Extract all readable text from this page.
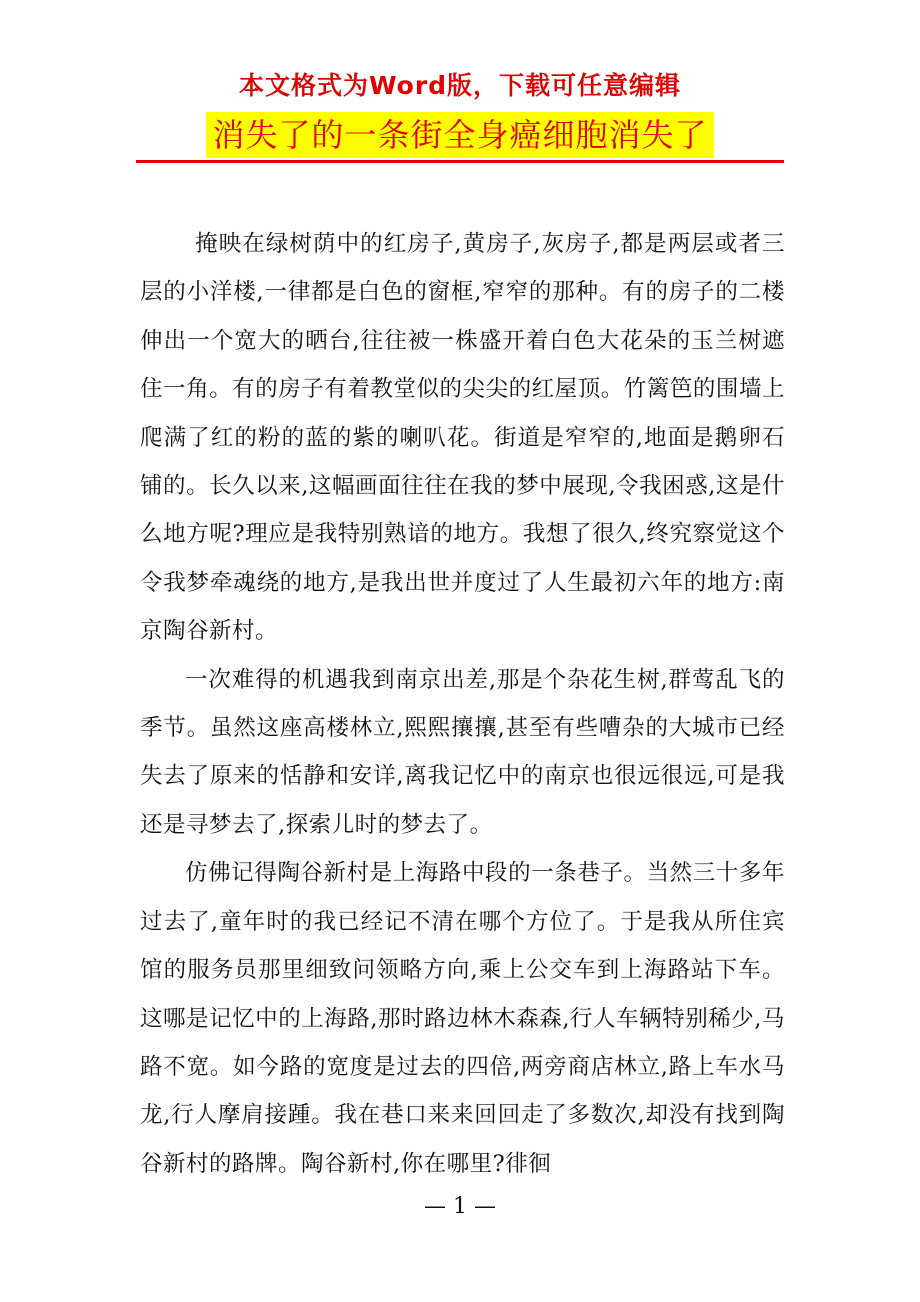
本文格式为Word版，下载可任意编辑
消失了的一条街全身癌细胞消失了

掩映在绿树荫中的红房子,黄房子,灰房子,都是两层或者三层的小洋楼,一律都是白色的窗框,窄窄的那种。有的房子的二楼伸出一个宽大的晒台,往往被一株盛开着白色大花朵的玉兰树遮住一角。有的房子有着教堂似的尖尖的红屋顶。竹篱笆的围墙上爬满了红的粉的蓝的紫的喇叭花。街道是窄窄的,地面是鹅卵石铺的。长久以来,这幅画面往往在我的梦中展现,令我困惑,这是什么地方呢?理应是我特别熟谙的地方。我想了很久,终究察觉这个令我梦牵魂绕的地方,是我出世并度过了人生最初六年的地方:南京陶谷新村。

一次难得的机遇我到南京出差,那是个杂花生树,群莺乱飞的季节。虽然这座高楼林立,熙熙攘攘,甚至有些嘈杂的大城市已经失去了原来的恬静和安详,离我记忆中的南京也很远很远,可是我还是寻梦去了,探索儿时的梦去了。

仿佛记得陶谷新村是上海路中段的一条巷子。当然三十多年过去了,童年时的我已经记不清在哪个方位了。于是我从所住宾馆的服务员那里细致问领略方向,乘上公交车到上海路站下车。这哪是记忆中的上海路,那时路边林木森森,行人车辆特别稀少,马路不宽。如今路的宽度是过去的四倍,两旁商店林立,路上车水马龙,行人摩肩接踵。我在巷口来来回回走了多数次,却没有找到陶谷新村的路牌。陶谷新村,你在哪里?徘徊

— 1 —
